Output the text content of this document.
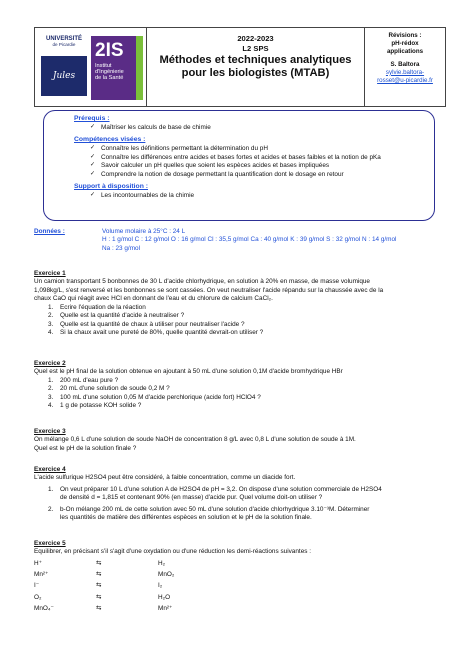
UNIVERSITÉ
de Picardie
Jules Verne
2IS
Institut
d'Ingénierie
de la Santé
2022-2023
L2 SPS
Méthodes et techniques analytiques
pour les biologistes (MTAB)
Révisions :
pH-rédox
applications
S. Baltora
sylvie.baltora-
rosset@u-picardie.fr
Prérequis :
✓ Maîtriser les calculs de base de chimie
Compétences visées :
✓ Connaître les définitions permettant la détermination du pH
✓ Connaître les différences entre acides et bases fortes et acides et bases faibles et la notion de pKa
✓ Savoir calculer un pH quelles que soient les espèces acides et bases impliquées
✓ Comprendre la notion de dosage permettant la quantification dont le dosage en retour
Support à disposition :
✓ Les incontournables de la chimie
Données :	Volume molaire à 25°C : 24 L
H : 1 g/mol C : 12 g/mol O : 16 g/mol Cl : 35,5 g/mol Ca : 40 g/mol K : 39 g/mol S : 32 g/mol N : 14 g/mol
Na : 23 g/mol
Exercice 1
Un camion transportant 5 bonbonnes de 30 L d'acide chlorhydrique, en solution à 20% en masse, de masse volumique
1,098kg/L, s'est renversé et les bonbonnes se sont cassées. On veut neutraliser l'acide répandu sur la chaussée avec de la
chaux CaO qui réagit avec HCl en donnant de l'eau et du chlorure de calcium CaCl₂.
1. Ecrire l'équation de la réaction
2. Quelle est la quantité d'acide à neutraliser ?
3. Quelle est la quantité de chaux à utiliser pour neutraliser l'acide ?
4. Si la chaux avait une pureté de 80%, quelle quantité devrait-on utiliser ?
Exercice 2
Quel est le pH final de la solution obtenue en ajoutant à 50 mL d'une solution 0,1M d'acide bromhydrique HBr
1. 200 mL d'eau pure ?
2. 20 mL d'une solution de soude 0,2 M ?
3. 100 mL d'une solution 0,05 M d'acide perchlorique (acide fort) HClO4 ?
4. 1 g de potasse KOH solide ?
Exercice 3
On mélange 0,6 L d'une solution de soude NaOH de concentration 8 g/L avec 0,8 L d'une solution de soude à 1M.
Quel est le pH de la solution finale ?
Exercice 4
L'acide sulfurique H2SO4 peut être considéré, à faible concentration, comme un diacide fort.
1. On veut préparer 10 L d'une solution A de H2SO4 de pH = 3,2. On dispose d'une solution commerciale de H2SO4
de densité d = 1,815 et contenant 90% (en masse) d'acide pur. Quel volume doit-on utiliser ?
2. b-On mélange 200 mL de cette solution avec 50 mL d'une solution d'acide chlorhydrique 3.10⁻³M. Déterminer
les quantités de matière des différentes espèces en solution et le pH de la solution finale.
Exercice 5
Equilibrer, en précisant s'il s'agit d'une oxydation ou d'une réduction les demi-réactions suivantes :
H⁺	⇆	H₂
Mn²⁺	⇆	MnO₂
I⁻	⇆	I₂
O₂	⇆	H₂O
MnO₄⁻	⇆	Mn²⁺
